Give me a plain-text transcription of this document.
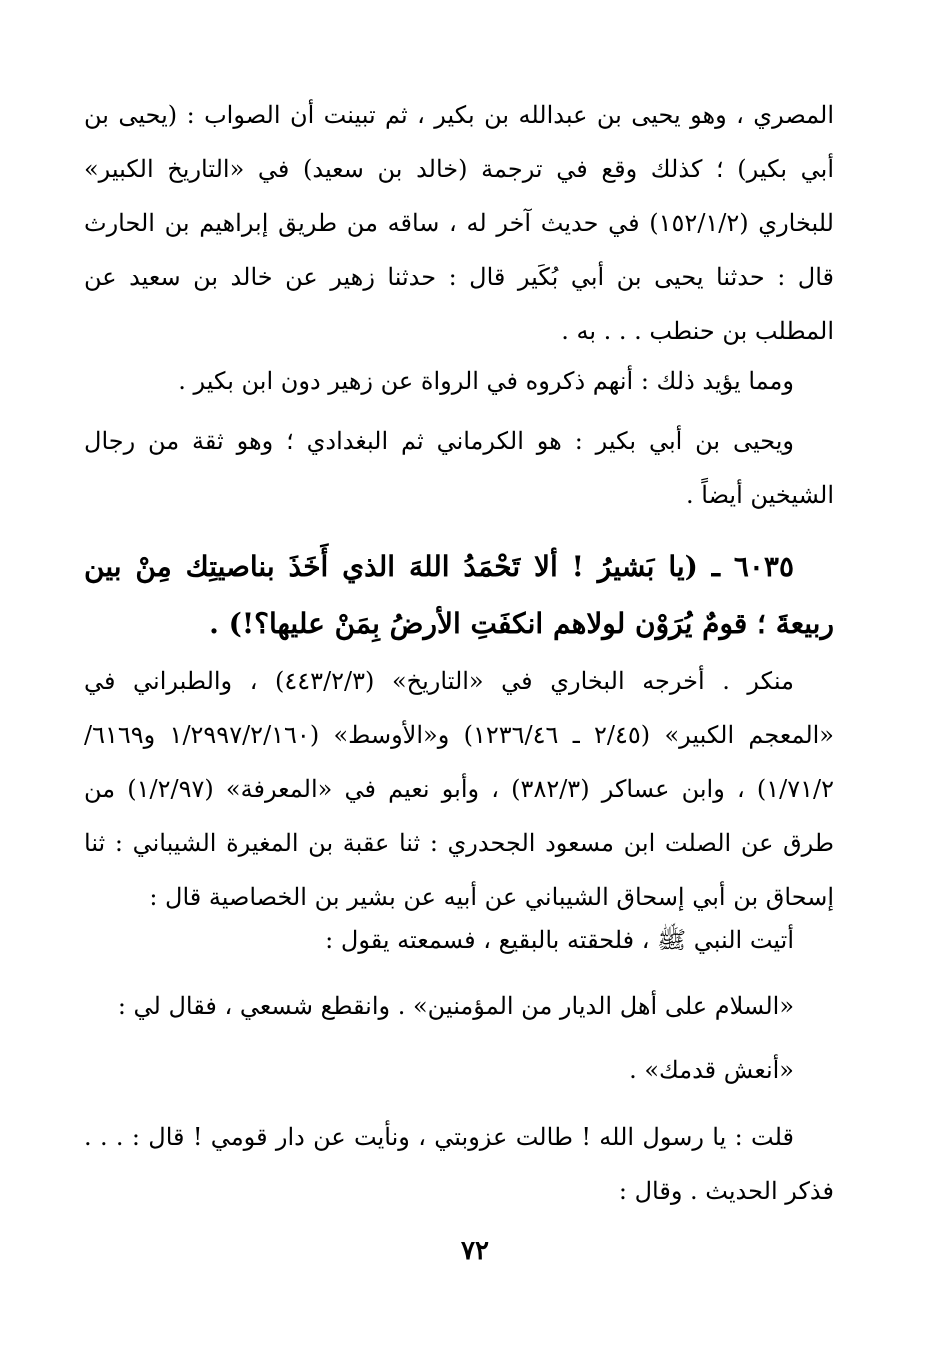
المصري ، وهو يحيى بن عبدالله بن بكير ، ثم تبينت أن الصواب : (يحيى بن أبي بكير) ؛ كذلك وقع في ترجمة (خالد بن سعيد) في «التاريخ الكبير» للبخاري (١٥٢/١/٢) في حديث آخر له ، ساقه من طريق إبراهيم بن الحارث قال : حدثنا يحيى بن أبي بُكَير قال : حدثنا زهير عن خالد بن سعيد عن المطلب بن حنطب . . . به .

ومما يؤيد ذلك : أنهم ذكروه في الرواة عن زهير دون ابن بكير .

ويحيى بن أبي بكير : هو الكرماني ثم البغدادي ؛ وهو ثقة من رجال الشيخين أيضاً .

٦٠٣٥ ـ (يا بَشيرُ ! ألا تَحْمَدُ اللهَ الذي أَخَذَ بناصيتِك مِنْ بين ربيعةَ ؛ قومٌ يُرَوْن لولاهم انكفَتِ الأرضُ بِمَنْ عليها؟!) .

منكر . أخرجه البخاري في «التاريخ» (٤٤٣/٢/٣) ، والطبراني في «المعجم الكبير» (٢/٤٥ ـ ١٢٣٦/٤٦) و«الأوسط» (١/٢٩٩٧/٢/١٦٠ و٦١٦٩/ ١/٧١/٢) ، وابن عساكر (٣٨٢/٣) ، وأبو نعيم في «المعرفة» (١/٢/٩٧) من طرق عن الصلت ابن مسعود الجحدري : ثنا عقبة بن المغيرة الشيباني : ثنا إسحاق بن أبي إسحاق الشيباني عن أبيه عن بشير بن الخصاصية قال :

أتيت النبي ﷺ ، فلحقته بالبقيع ، فسمعته يقول :

«السلام على أهل الديار من المؤمنين» . وانقطع شسعي ، فقال لي :

«أنعش قدمك» .

قلت : يا رسول الله ! طالت عزوبتي ، ونأيت عن دار قومي ! قال : . . . فذكر الحديث . وقال :

٧٢
